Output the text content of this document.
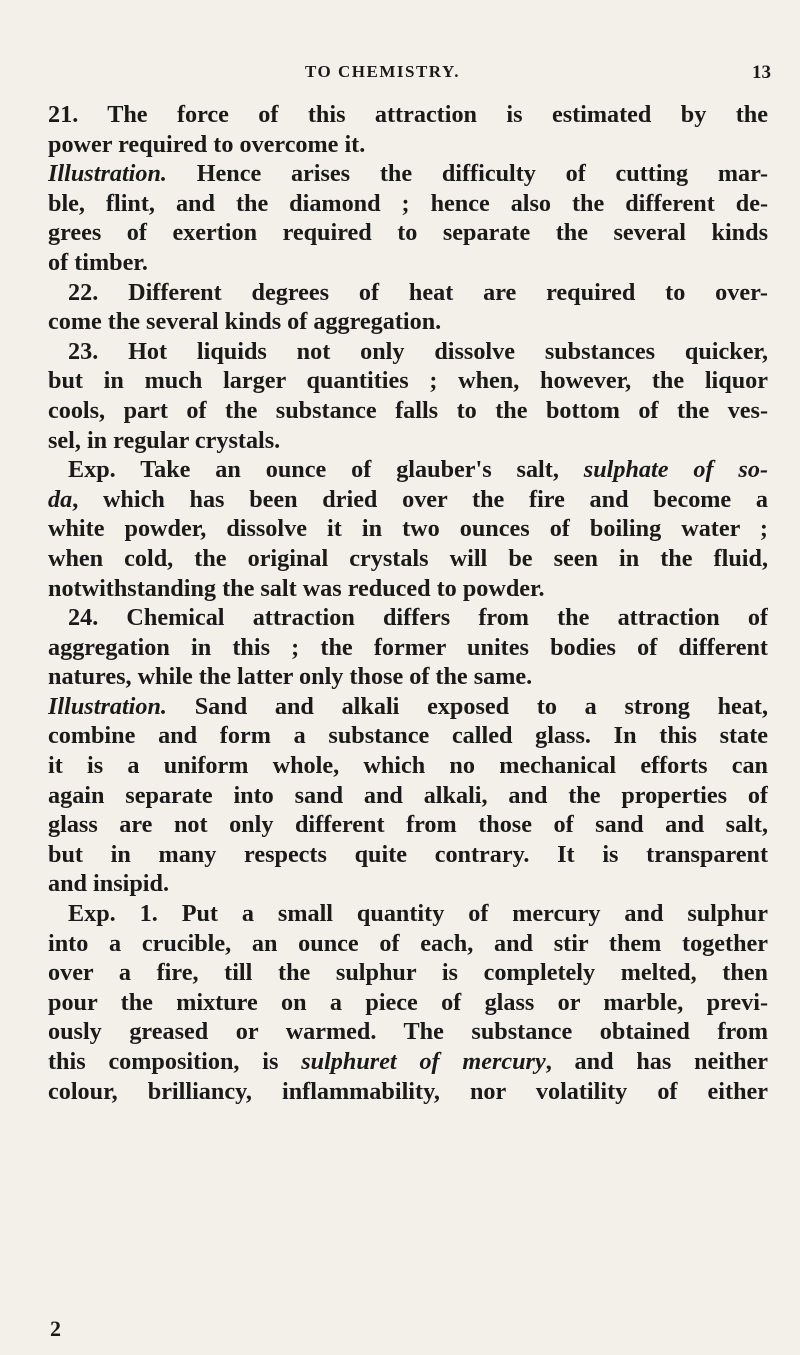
TO CHEMISTRY.	13
21. The force of this attraction is estimated by the
power required to overcome it.
Illustration. Hence arises the difficulty of cutting mar-
ble, flint, and the diamond ; hence also the different de-
grees of exertion required to separate the several kinds
of timber.
22. Different degrees of heat are required to over-
come the several kinds of aggregation.
23. Hot liquids not only dissolve substances quicker,
but in much larger quantities ; when, however, the liquor
cools, part of the substance falls to the bottom of the ves-
sel, in regular crystals.
Exp. Take an ounce of glauber's salt, sulphate of so-
da, which has been dried over the fire and become a
white powder, dissolve it in two ounces of boiling water ;
when cold, the original crystals will be seen in the fluid,
notwithstanding the salt was reduced to powder.
24. Chemical attraction differs from the attraction of
aggregation in this ; the former unites bodies of different
natures, while the latter only those of the same.
Illustration. Sand and alkali exposed to a strong heat,
combine and form a substance called glass. In this state
it is a uniform whole, which no mechanical efforts can
again separate into sand and alkali, and the properties of
glass are not only different from those of sand and salt,
but in many respects quite contrary. It is transparent
and insipid.
Exp. 1. Put a small quantity of mercury and sulphur
into a crucible, an ounce of each, and stir them together
over a fire, till the sulphur is completely melted, then
pour the mixture on a piece of glass or marble, previ-
ously greased or warmed. The substance obtained from
this composition, is sulphuret of mercury, and has neither
colour, brilliancy, inflammability, nor volatility of either
2
